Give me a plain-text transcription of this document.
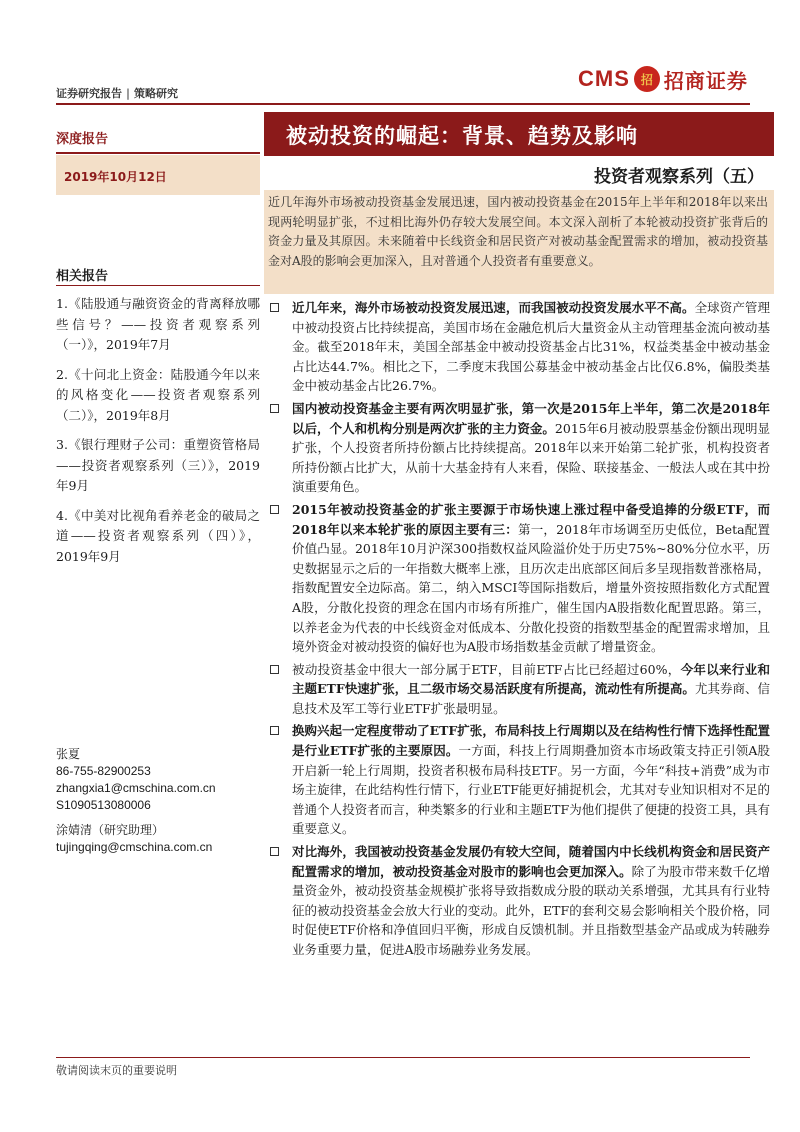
证券研究报告 | 策略研究
CMS 招 招商证券
深度报告
2019年10月12日
被动投资的崛起：背景、趋势及影响
投资者观察系列（五）
近几年海外市场被动投资基金发展迅速，国内被动投资基金在2015年上半年和2018年以来出现两轮明显扩张，不过相比海外仍存较大发展空间。本文深入剖析了本轮被动投资扩张背后的资金力量及其原因。未来随着中长线资金和居民资产对被动基金配置需求的增加，被动投资基金对A股的影响会更加深入，且对普通个人投资者有重要意义。
相关报告
1.《陆股通与融资资金的背离释放哪些信号？——投资者观察系列（一）》，2019年7月
2.《十问北上资金：陆股通今年以来的风格变化——投资者观察系列（二）》，2019年8月
3.《银行理财子公司：重塑资管格局——投资者观察系列（三）》，2019年9月
4.《中美对比视角看养老金的破局之道——投资者观察系列（四）》，2019年9月
张夏
86-755-82900253
zhangxia1@cmschina.com.cn
S1090513080006
涂婧清（研究助理）
tujingqing@cmschina.com.cn
近几年来，海外市场被动投资发展迅速，而我国被动投资发展水平不高。全球资产管理中被动投资占比持续提高，美国市场在金融危机后大量资金从主动管理基金流向被动基金。截至2018年末，美国全部基金中被动投资基金占比31%，权益类基金中被动基金占比达44.7%。相比之下，二季度末我国公募基金中被动基金占比仅6.8%，偏股类基金中被动基金占比26.7%。
国内被动投资基金主要有两次明显扩张，第一次是2015年上半年，第二次是2018年以后，个人和机构分别是两次扩张的主力资金。2015年6月被动股票基金份额出现明显扩张，个人投资者所持份额占比持续提高。2018年以来开始第二轮扩张，机构投资者所持份额占比扩大，从前十大基金持有人来看，保险、联接基金、一般法人或在其中扮演重要角色。
2015年被动投资基金的扩张主要源于市场快速上涨过程中备受追捧的分级ETF，而2018年以来本轮扩张的原因主要有三：第一，2018年市场调至历史低位，Beta配置价值凸显。2018年10月沪深300指数权益风险溢价处于历史75%~80%分位水平，历史数据显示之后的一年指数大概率上涨，且历次走出底部区间后多呈现指数普涨格局，指数配置安全边际高。第二，纳入MSCI等国际指数后，增量外资按照指数化方式配置A股，分散化投资的理念在国内市场有所推广，催生国内A股指数化配置思路。第三，以养老金为代表的中长线资金对低成本、分散化投资的指数型基金的配置需求增加，且境外资金对被动投资的偏好也为A股市场指数基金贡献了增量资金。
被动投资基金中很大一部分属于ETF，目前ETF占比已经超过60%，今年以来行业和主题ETF快速扩张，且二级市场交易活跃度有所提高，流动性有所提高。尤其券商、信息技术及军工等行业ETF扩张最明显。
换购兴起一定程度带动了ETF扩张，布局科技上行周期以及在结构性行情下选择性配置是行业ETF扩张的主要原因。一方面，科技上行周期叠加资本市场政策支持正引领A股开启新一轮上行周期，投资者积极布局科技ETF。另一方面，今年“科技+消费”成为市场主旋律，在此结构性行情下，行业ETF能更好捕捉机会，尤其对专业知识相对不足的普通个人投资者而言，种类繁多的行业和主题ETF为他们提供了便捷的投资工具，具有重要意义。
对比海外，我国被动投资基金发展仍有较大空间，随着国内中长线机构资金和居民资产配置需求的增加，被动投资基金对股市的影响也会更加深入。除了为股市带来数千亿增量资金外，被动投资基金规模扩张将导致指数成分股的联动关系增强，尤其具有行业特征的被动投资基金会放大行业的变动。此外，ETF的套利交易会影响相关个股价格，同时促使ETF价格和净值回归平衡，形成自反馈机制。并且指数型基金产品或成为转融券业务重要力量，促进A股市场融券业务发展。
敬请阅读末页的重要说明
